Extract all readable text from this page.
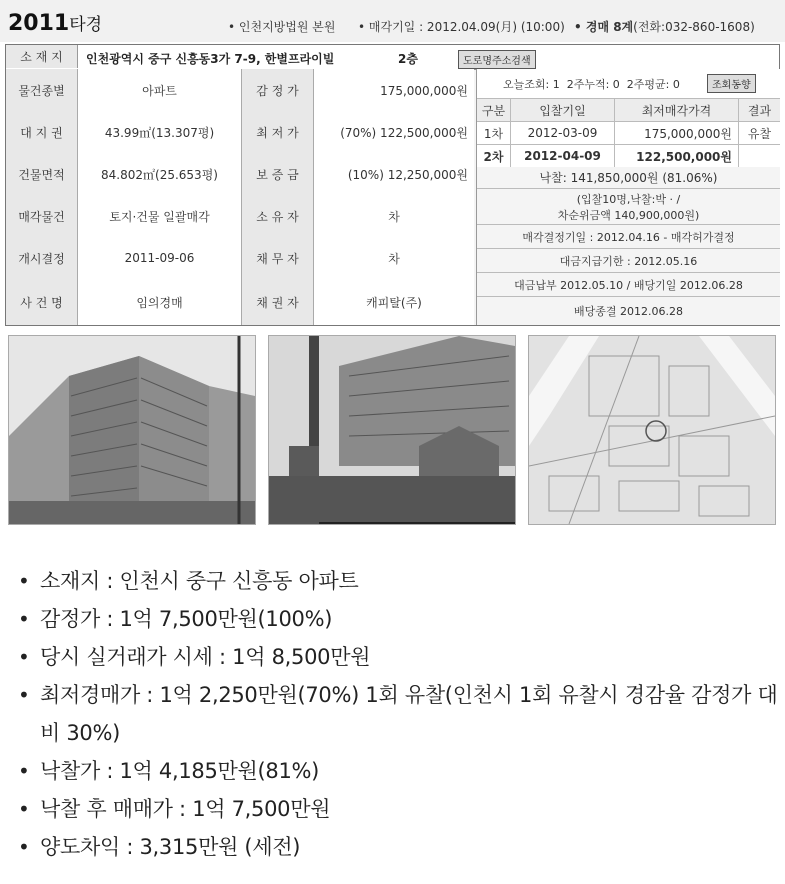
2011타경	• 인천지방법원 본원 • 매각기일 : 2012.04.09(月) (10:00) • 경매 8계(전화:032-860-1608)
소 재 지	인천광역시 중구 신흥동3가 7-9, 한별프라이빌	2층	도로명주소검색
물건종별	아파트	감 정 가	175,000,000원
대 지 권	43.99㎡(13.307평)	최 저 가	(70%) 122,500,000원
건물면적	84.802㎡(25.653평)	보 증 금	(10%) 12,250,000원
매각물건	토지·건물 일괄매각	소 유 자	차
개시결정	2011-09-06	채 무 자	차
사 건 명	임의경매	채 권 자	캐피탈(주)
오늘조회: 1  2주누적: 0  2주평균: 0	조회동향
구분	입찰기일	최저매각가격	결과
1차	2012-03-09	175,000,000원	유찰
2차	2012-04-09	122,500,000원
낙찰: 141,850,000원 (81.06%)
(입찰10명,낙찰:박 · /
차순위금액 140,900,000원)
매각결정기일 : 2012.04.16 - 매각허가결정
대금지급기한 : 2012.05.16
대금납부 2012.05.10 / 배당기일 2012.06.28
배당종결 2012.06.28
• 소재지 : 인천시 중구 신흥동 아파트
• 감정가 : 1억 7,500만원(100%)
• 당시 실거래가 시세 : 1억 8,500만원
• 최저경매가 : 1억 2,250만원(70%) 1회 유찰(인천시 1회 유찰시 경감율 감정가 대비 30%)
• 낙찰가 : 1억 4,185만원(81%)
• 낙찰 후 매매가 : 1억 7,500만원
• 양도차익 : 3,315만원 (세전)
